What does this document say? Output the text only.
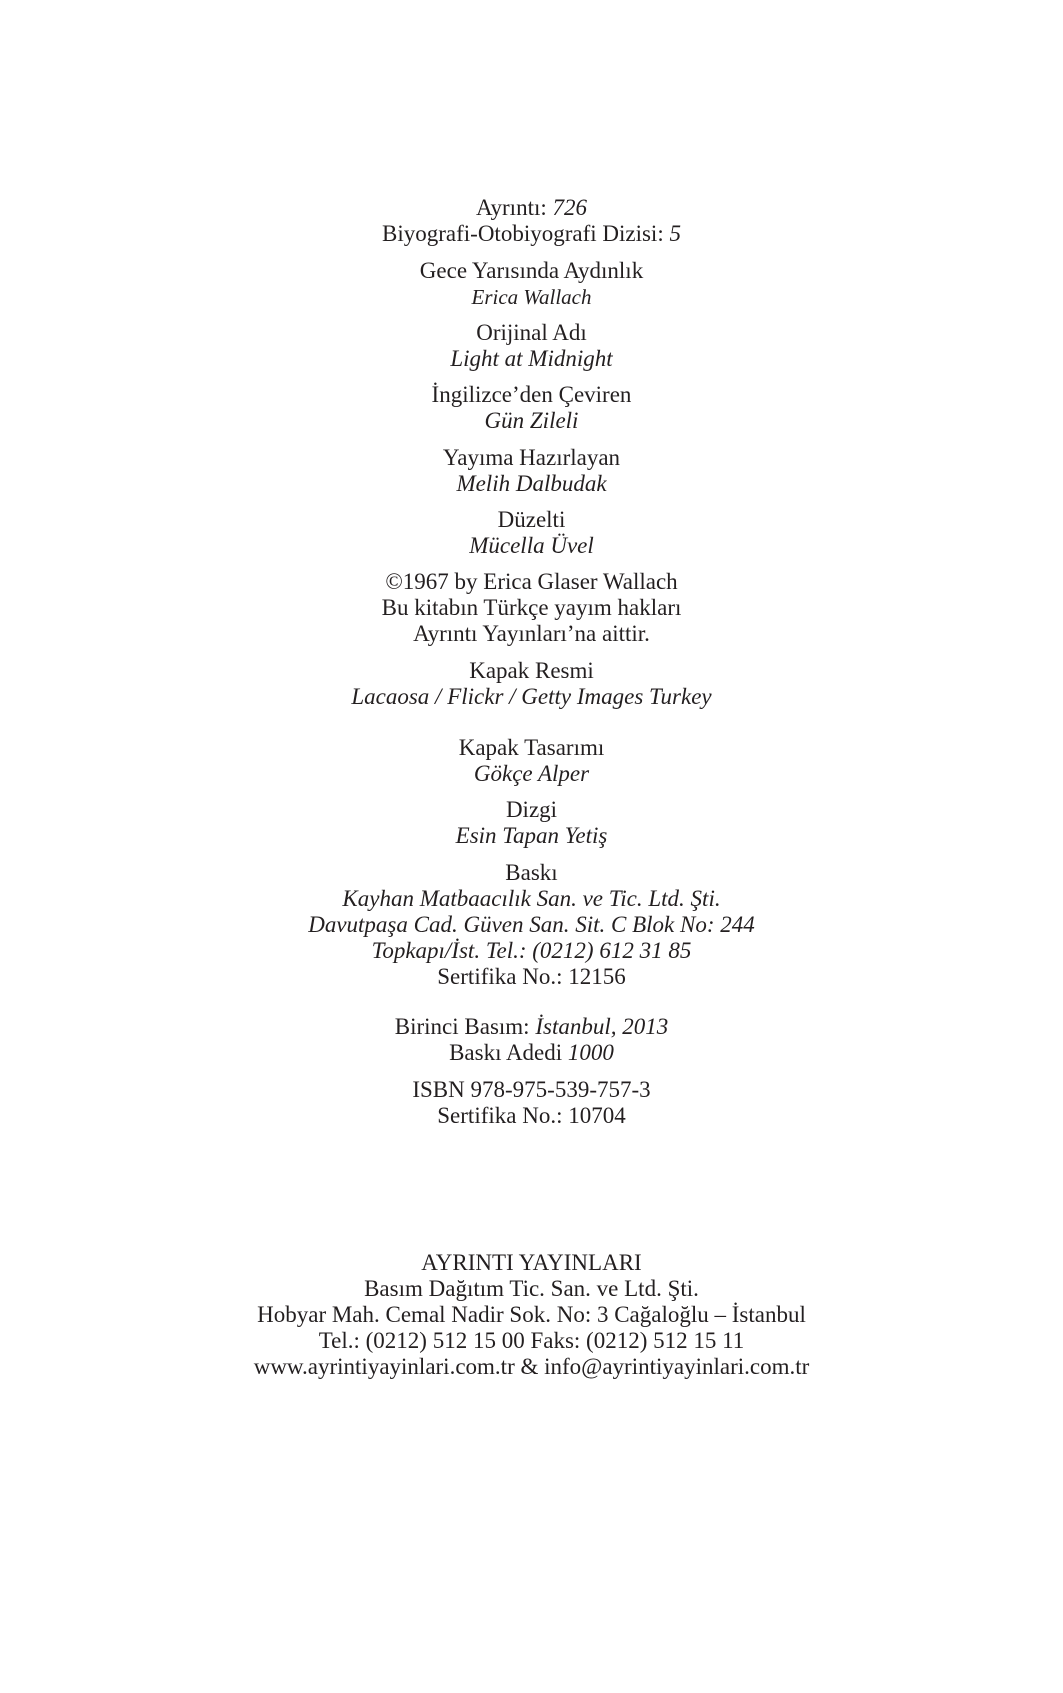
Ayrıntı: 726
Biyografi-Otobiyografi Dizisi: 5
Gece Yarısında Aydınlık
Erica Wallach
Orijinal Adı
Light at Midnight
İngilizce’den Çeviren
Gün Zileli
Yayıma Hazırlayan
Melih Dalbudak
Düzelti
Mücella Üvel
©1967 by Erica Glaser Wallach
Bu kitabın Türkçe yayım hakları
Ayrıntı Yayınları’na aittir.
Kapak Resmi
Lacaosa / Flickr / Getty Images Turkey
Kapak Tasarımı
Gökçe Alper
Dizgi
Esin Tapan Yetiş
Baskı
Kayhan Matbaacılık San. ve Tic. Ltd. Şti.
Davutpaşa Cad. Güven San. Sit. C Blok No: 244
Topkapı/İst. Tel.: (0212) 612 31 85
Sertifika No.: 12156
Birinci Basım: İstanbul, 2013
Baskı Adedi 1000
ISBN 978-975-539-757-3
Sertifika No.: 10704
AYRINTI YAYINLARI
Basım Dağıtım Tic. San. ve Ltd. Şti.
Hobyar Mah. Cemal Nadir Sok. No: 3 Cağaloğlu – İstanbul
Tel.: (0212) 512 15 00 Faks: (0212) 512 15 11
www.ayrintiyayinlari.com.tr & info@ayrintiyayinlari.com.tr
